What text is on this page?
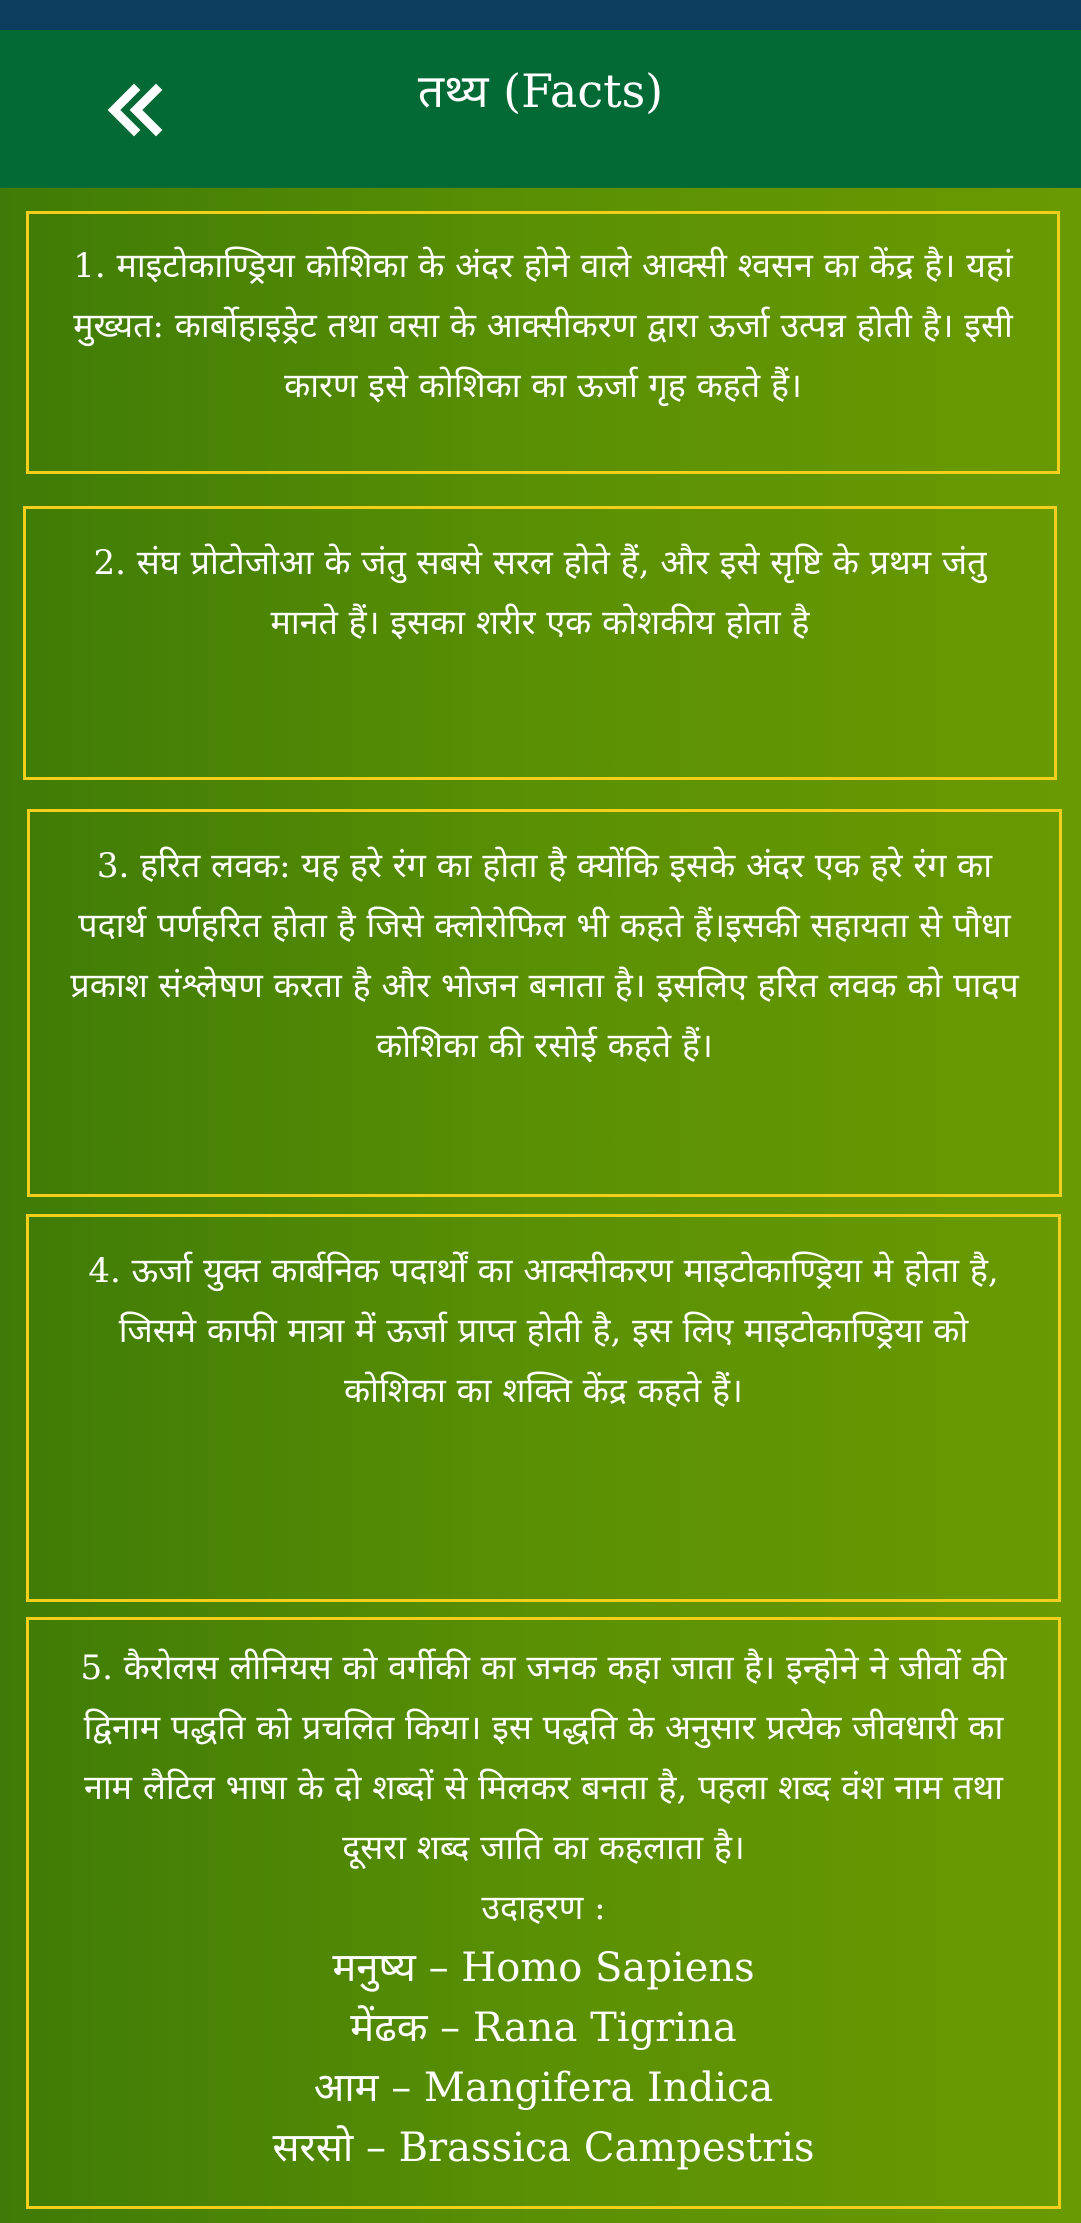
तथ्य (Facts)

1. माइटोकाण्ड्रिया कोशिका के अंदर होने वाले आक्सी श्वसन का केंद्र है। यहां मुख्यत: कार्बोहाइड्रेट तथा वसा के आक्सीकरण द्वारा ऊर्जा उत्पन्न होती है। इसी कारण इसे कोशिका का ऊर्जा गृह कहते हैं।

2. संघ प्रोटोजोआ के जंतु सबसे सरल होते हैं, और इसे सृष्टि के प्रथम जंतु मानते हैं। इसका शरीर एक कोशकीय होता है

3. हरित लवक: यह हरे रंग का होता है क्योंकि इसके अंदर एक हरे रंग का पदार्थ पर्णहरित होता है जिसे क्लोरोफिल भी कहते हैं।इसकी सहायता से पौधा प्रकाश संश्लेषण करता है और भोजन बनाता है। इसलिए हरित लवक को पादप कोशिका की रसोई कहते हैं।

4. ऊर्जा युक्त कार्बनिक पदार्थों का आक्सीकरण माइटोकाण्ड्रिया मे होता है, जिसमे काफी मात्रा में ऊर्जा प्राप्त होती है, इस लिए माइटोकाण्ड्रिया को कोशिका का शक्ति केंद्र कहते हैं।

5. कैरोलस लीनियस को वर्गीकी का जनक कहा जाता है। इन्होने ने जीवों की द्विनाम पद्धति को प्रचलित किया। इस पद्धति के अनुसार प्रत्येक जीवधारी का नाम लैटिल भाषा के दो शब्दों से मिलकर बनता है, पहला शब्द वंश नाम तथा दूसरा शब्द जाति का कहलाता है।

उदाहरण :
मनुष्य – Homo Sapiens
मेंढक – Rana Tigrina
आम – Mangifera Indica
सरसो – Brassica Campestris
